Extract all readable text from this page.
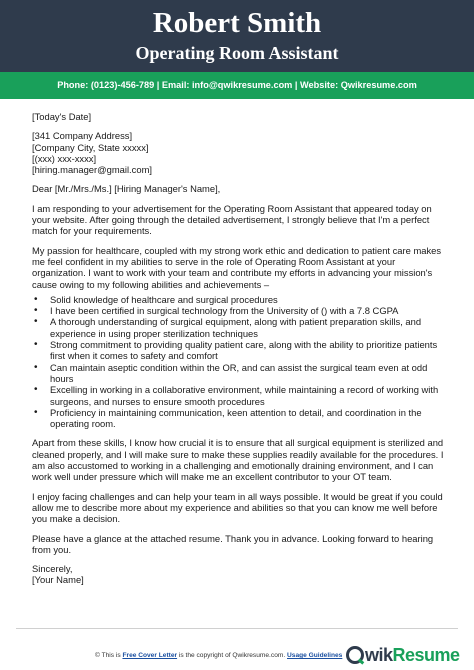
Robert Smith
Operating Room Assistant
Phone: (0123)-456-789 | Email: info@qwikresume.com | Website: Qwikresume.com

[Today's Date]

[341 Company Address]
[Company City, State xxxxx]
[(xxx) xxx-xxxx]
[hiring.manager@gmail.com]

Dear [Mr./Mrs./Ms.] [Hiring Manager's Name],

I am responding to your advertisement for the Operating Room Assistant that appeared today on your website. After going through the detailed advertisement, I strongly believe that I'm a perfect match for your requirements.

My passion for healthcare, coupled with my strong work ethic and dedication to patient care makes me feel confident in my abilities to serve in the role of Operating Room Assistant at your organization. I want to work with your team and contribute my efforts in advancing your mission's cause owing to my following abilities and achievements –

• Solid knowledge of healthcare and surgical procedures
• I have been certified in surgical technology from the University of () with a 7.8 CGPA
• A thorough understanding of surgical equipment, along with patient preparation skills, and experience in using proper sterilization techniques
• Strong commitment to providing quality patient care, along with the ability to prioritize patients first when it comes to safety and comfort
• Can maintain aseptic condition within the OR, and can assist the surgical team even at odd hours
• Excelling in working in a collaborative environment, while maintaining a record of working with surgeons, and nurses to ensure smooth procedures
• Proficiency in maintaining communication, keen attention to detail, and coordination in the operating room.

Apart from these skills, I know how crucial it is to ensure that all surgical equipment is sterilized and cleaned properly, and I will make sure to make these supplies readily available for the procedures. I am also accustomed to working in a challenging and emotionally draining environment, and I can work well under pressure which will make me an excellent contributor to your OT team.

I enjoy facing challenges and can help your team in all ways possible. It would be great if you could allow me to describe more about my experience and abilities so that you can know me well before you make a decision.

Please have a glance at the attached resume. Thank you in advance. Looking forward to hearing from you.

Sincerely,

[Your Name]

© This is Free Cover Letter is the copyright of Qwikresume.com. Usage Guidelines wik Resume
